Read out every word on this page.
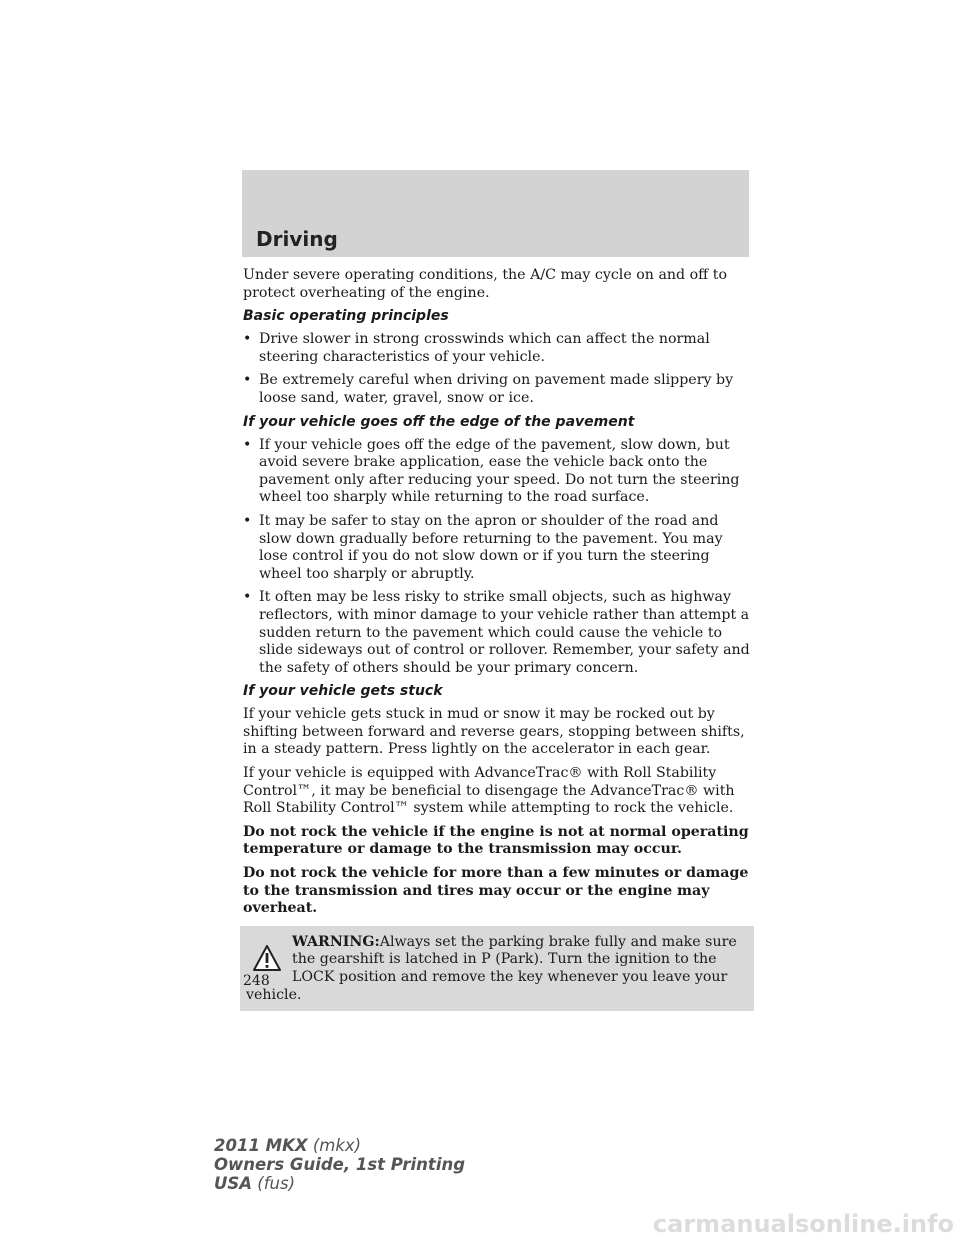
Driving

Under severe operating conditions, the A/C may cycle on and off to protect overheating of the engine.

Basic operating principles
• Drive slower in strong crosswinds which can affect the normal steering characteristics of your vehicle.
• Be extremely careful when driving on pavement made slippery by loose sand, water, gravel, snow or ice.
If your vehicle goes off the edge of the pavement
• If your vehicle goes off the edge of the pavement, slow down, but avoid severe brake application, ease the vehicle back onto the pavement only after reducing your speed. Do not turn the steering wheel too sharply while returning to the road surface.
• It may be safer to stay on the apron or shoulder of the road and slow down gradually before returning to the pavement. You may lose control if you do not slow down or if you turn the steering wheel too sharply or abruptly.
• It often may be less risky to strike small objects, such as highway reflectors, with minor damage to your vehicle rather than attempt a sudden return to the pavement which could cause the vehicle to slide sideways out of control or rollover. Remember, your safety and the safety of others should be your primary concern.
If your vehicle gets stuck

If your vehicle gets stuck in mud or snow it may be rocked out by shifting between forward and reverse gears, stopping between shifts, in a steady pattern. Press lightly on the accelerator in each gear.

If your vehicle is equipped with AdvanceTrac® with Roll Stability Control™, it may be beneficial to disengage the AdvanceTrac® with Roll Stability Control™ system while attempting to rock the vehicle.

Do not rock the vehicle if the engine is not at normal operating temperature or damage to the transmission may occur.

Do not rock the vehicle for more than a few minutes or damage to the transmission and tires may occur or the engine may overheat.

WARNING:Always set the parking brake fully and make sure the gearshift is latched in P (Park). Turn the ignition to the LOCK position and remove the key whenever you leave your vehicle.
248
2011 MKX (mkx)
Owners Guide, 1st Printing
USA (fus)
carmanualsonline.info
